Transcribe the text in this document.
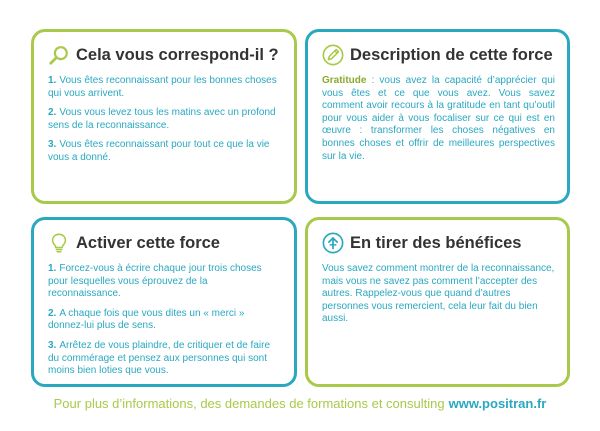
Cela vous correspond-il ?
1. Vous êtes reconnaissant pour les bonnes choses qui vous arrivent.
2. Vous vous levez tous les matins avec un profond sens de la reconnaissance.
3. Vous êtes reconnaissant pour tout ce que la vie vous a donné.
Description de cette force

Gratitude : vous avez la capacité d’apprécier qui vous êtes et ce que vous avez. Vous savez comment avoir recours à la gratitude en tant qu’outil pour vous aider à vous focaliser sur ce qui est en œuvre : transformer les choses négatives en bonnes choses et offrir de meilleures perspectives sur la vie.

Activer cette force
1. Forcez-vous à écrire chaque jour trois choses pour lesquelles vous éprouvez de la reconnaissance.
2. A chaque fois que vous dites un « merci » donnez-lui plus de sens.
3. Arrêtez de vous plaindre, de critiquer et de faire du commérage et pensez aux personnes qui sont moins bien loties que vous.
En tirer des bénéfices

Vous savez comment montrer de la reconnaissance, mais vous ne savez pas comment l’accepter des autres. Rappelez-vous que quand d’autres personnes vous remercient, cela leur fait du bien aussi.

Pour plus d’informations, des demandes de formations et consulting www.positran.fr
